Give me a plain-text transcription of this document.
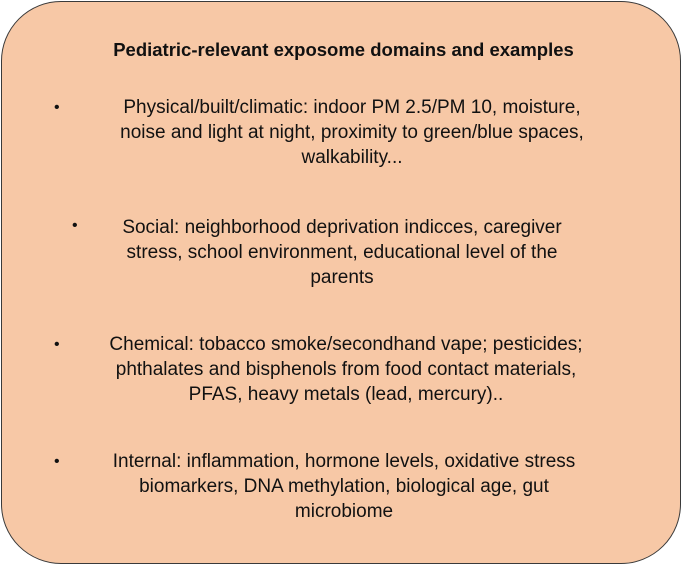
Pediatric-relevant exposome domains and examples
•	Physical/built/climatic: indoor PM 2.5/PM 10, moisture,
noise and light at night, proximity to green/blue spaces,
walkability...
•	Social: neighborhood deprivation indicces, caregiver
stress, school environment, educational level of the
parents
•	Chemical: tobacco smoke/secondhand vape; pesticides;
phthalates and bisphenols from food contact materials,
PFAS, heavy metals (lead, mercury)..
•	Internal: inflammation, hormone levels, oxidative stress
biomarkers, DNA methylation, biological age, gut
microbiome
